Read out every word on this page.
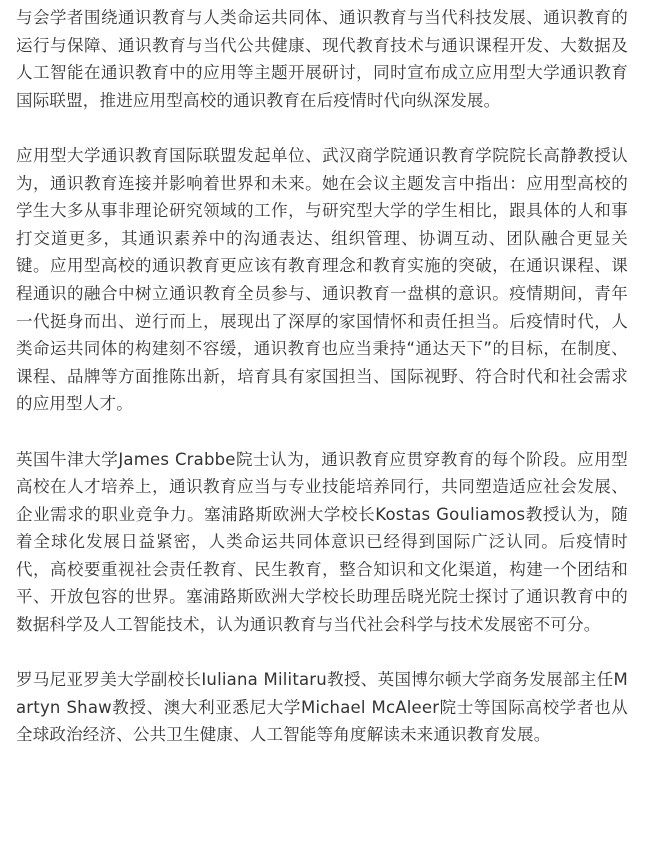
与会学者围绕通识教育与人类命运共同体、通识教育与当代科技发展、通识教育的运行与保障、通识教育与当代公共健康、现代教育技术与通识课程开发、大数据及人工智能在通识教育中的应用等主题开展研讨，同时宣布成立应用型大学通识教育国际联盟，推进应用型高校的通识教育在后疫情时代向纵深发展。

应用型大学通识教育国际联盟发起单位、武汉商学院通识教育学院院长高静教授认为，通识教育连接并影响着世界和未来。她在会议主题发言中指出：应用型高校的学生大多从事非理论研究领域的工作，与研究型大学的学生相比，跟具体的人和事打交道更多，其通识素养中的沟通表达、组织管理、协调互动、团队融合更显关键。应用型高校的通识教育更应该有教育理念和教育实施的突破，在通识课程、课程通识的融合中树立通识教育全员参与、通识教育一盘棋的意识。疫情期间，青年一代挺身而出、逆行而上，展现出了深厚的家国情怀和责任担当。后疫情时代，人类命运共同体的构建刻不容缓，通识教育也应当秉持“通达天下”的目标，在制度、课程、品牌等方面推陈出新，培育具有家国担当、国际视野、符合时代和社会需求的应用型人才。

英国牛津大学James Crabbe院士认为，通识教育应贯穿教育的每个阶段。应用型高校在人才培养上，通识教育应当与专业技能培养同行，共同塑造适应社会发展、企业需求的职业竞争力。塞浦路斯欧洲大学校长Kostas Gouliamos教授认为，随着全球化发展日益紧密，人类命运共同体意识已经得到国际广泛认同。后疫情时代，高校要重视社会责任教育、民生教育，整合知识和文化渠道，构建一个团结和平、开放包容的世界。塞浦路斯欧洲大学校长助理岳晓光院士探讨了通识教育中的数据科学及人工智能技术，认为通识教育与当代社会科学与技术发展密不可分。

罗马尼亚罗美大学副校长Iuliana Militaru教授、英国博尔顿大学商务发展部主任Martyn Shaw教授、澳大利亚悉尼大学Michael McAleer院士等国际高校学者也从全球政治经济、公共卫生健康、人工智能等角度解读未来通识教育发展。
